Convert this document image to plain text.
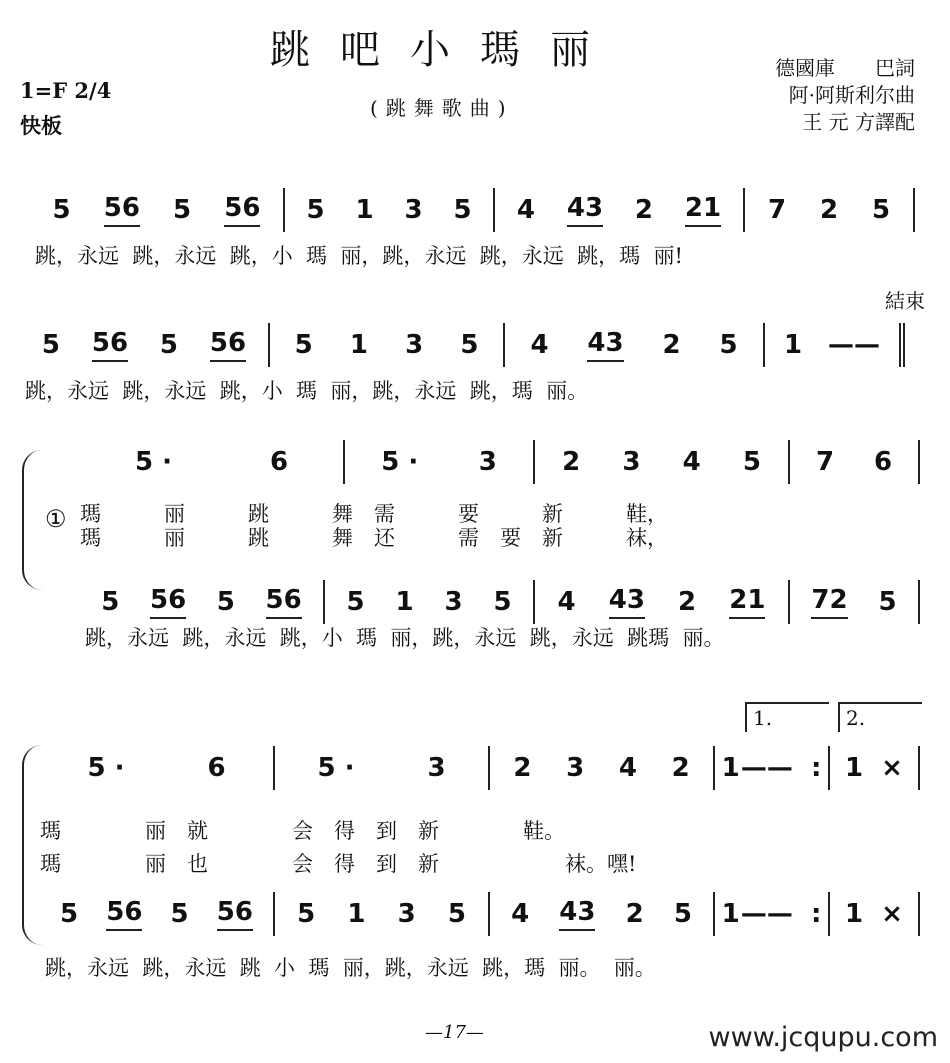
跳吧小瑪丽
(跳舞歌曲)
1=F 2/4
快板
德國庫　　巴詞
阿·阿斯利尔曲
王 元 方譯配
結束
① 瑪　　　丽　　　跳　　　舞　需　　　要　　　新　　　鞋，
瑪　　　丽　　　跳　　　舞　还　　　需　要　新　　　袜，
瑪　　　　丽　就　　　　会　得　到　新　　　　鞋。
瑪　　　　丽　也　　　　会　得　到　新　　　　　　袜。嘿!
1.	2.
—17—	www.jcqupu.com
5 56 5 56 5 1 3 5 4 43 2 21 7 2 5
跳，永远  跳，永远  跳，小  瑪  丽，跳，永远  跳，永远  跳，瑪  丽!
5 56 5 56 5 1 3 5 4 43 2 5 1 ——
跳，永远  跳，永远  跳，小  瑪  丽，跳，永远  跳，瑪  丽。
5 ·	6	5 · 3	2 3 4 5 7 6
5 56 5 56 5 1 3 5 4 43 2 21 72 5
跳，永远  跳，永远  跳，小  瑪  丽，跳，永远  跳，永远  跳瑪  丽。
5 ·	6	5 ·	3	2 3 4 2 1 ——  : 1 ×
5 56 5 56 5 1 3 5 4 43 2 5 1 ——  : 1 ×
跳，永远  跳，永远  跳  小  瑪  丽，跳，永远  跳，瑪  丽。  丽。
